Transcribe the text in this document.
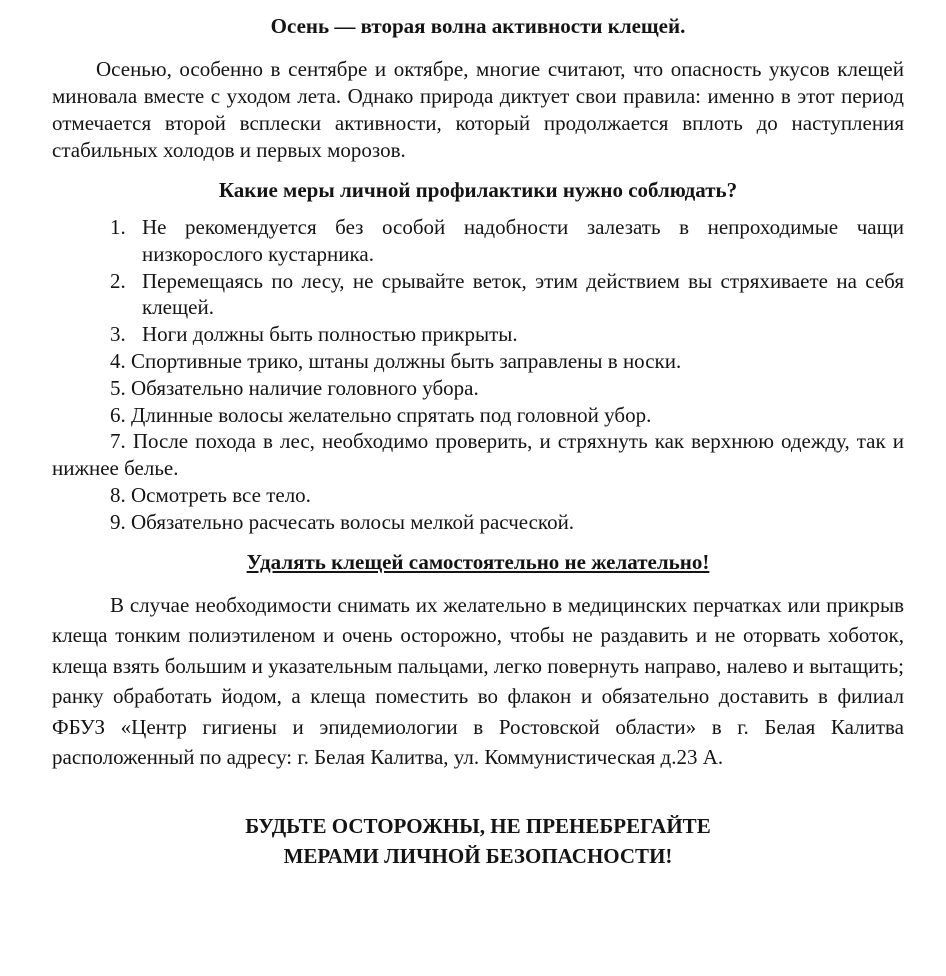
Осень — вторая волна активности клещей.

Осенью, особенно в сентябре и октябре, многие считают, что опасность укусов клещей миновала вместе с уходом лета. Однако природа диктует свои правила: именно в этот период отмечается второй всплески активности, который продолжается вплоть до наступления стабильных холодов и первых морозов.

Какие меры личной профилактики нужно соблюдать?
1. Не рекомендуется без особой надобности залезать в непроходимые чащи низкорослого кустарника.
2. Перемещаясь по лесу, не срывайте веток, этим действием вы стряхиваете на себя клещей.
3. Ноги должны быть полностью прикрыты.
4. Спортивные трико, штаны должны быть заправлены в носки.
5. Обязательно наличие головного убора.
6. Длинные волосы желательно спрятать под головной убор.
7. После похода в лес, необходимо проверить, и стряхнуть как верхнюю одежду, так и нижнее белье.
8. Осмотреть все тело.
9. Обязательно расчесать волосы мелкой расческой.
Удалять клещей самостоятельно не желательно!

В случае необходимости снимать их желательно в медицинских перчатках или прикрыв клеща тонким полиэтиленом и очень осторожно, чтобы не раздавить и не оторвать хоботок, клеща взять большим и указательным пальцами, легко повернуть направо, налево и вытащить; ранку обработать йодом, а клеща поместить во флакон и обязательно доставить в филиал ФБУЗ «Центр гигиены и эпидемиологии в Ростовской области» в г. Белая Калитва расположенный по адресу: г. Белая Калитва, ул. Коммунистическая д.23 А.

БУДЬТЕ ОСТОРОЖНЫ, НЕ ПРЕНЕБРЕГАЙТЕ
МЕРАМИ ЛИЧНОЙ БЕЗОПАСНОСТИ!
